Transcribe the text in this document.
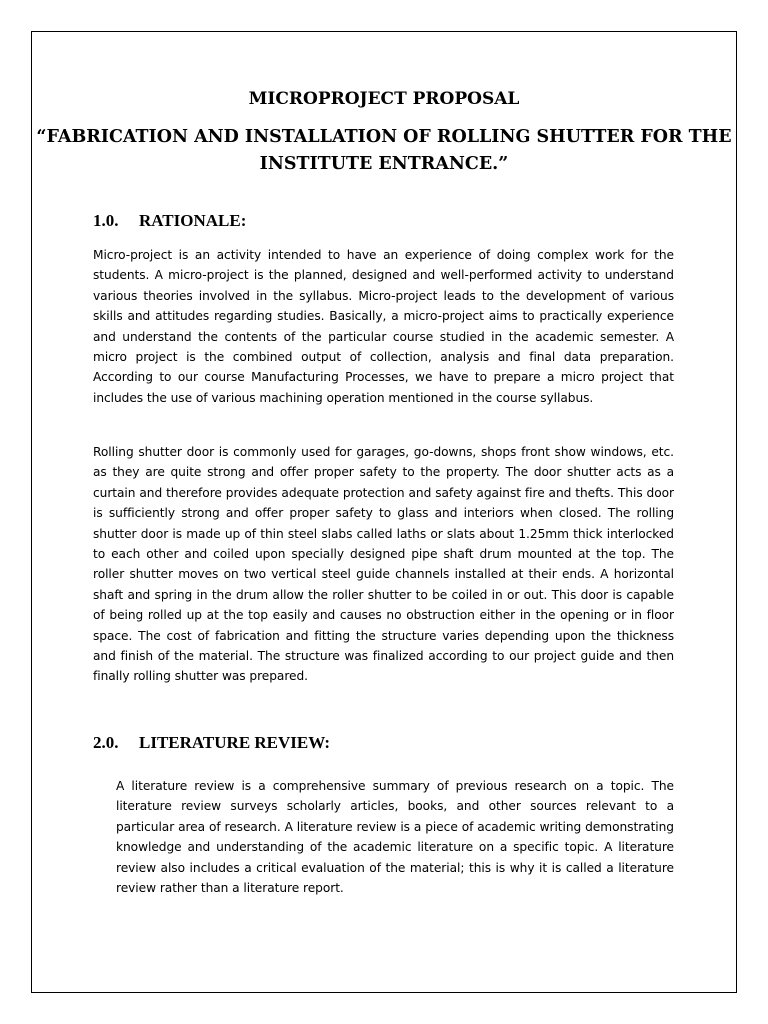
MICROPROJECT PROPOSAL
“FABRICATION AND INSTALLATION OF ROLLING SHUTTER FOR THE INSTITUTE ENTRANCE.”
1.0. RATIONALE:

Micro-project is an activity intended to have an experience of doing complex work for the students. A micro-project is the planned, designed and well-performed activity to understand various theories involved in the syllabus. Micro-project leads to the development of various skills and attitudes regarding studies. Basically, a micro-project aims to practically experience and understand the contents of the particular course studied in the academic semester. A micro project is the combined output of collection, analysis and final data preparation. According to our course Manufacturing Processes, we have to prepare a micro project that includes the use of various machining operation mentioned in the course syllabus.

Rolling shutter door is commonly used for garages, go-downs, shops front show windows, etc. as they are quite strong and offer proper safety to the property. The door shutter acts as a curtain and therefore provides adequate protection and safety against fire and thefts. This door is sufficiently strong and offer proper safety to glass and interiors when closed. The rolling shutter door is made up of thin steel slabs called laths or slats about 1.25mm thick interlocked to each other and coiled upon specially designed pipe shaft drum mounted at the top. The roller shutter moves on two vertical steel guide channels installed at their ends. A horizontal shaft and spring in the drum allow the roller shutter to be coiled in or out. This door is capable of being rolled up at the top easily and causes no obstruction either in the opening or in floor space. The cost of fabrication and fitting the structure varies depending upon the thickness and finish of the material. The structure was finalized according to our project guide and then finally rolling shutter was prepared.

2.0. LITERATURE REVIEW:

A literature review is a comprehensive summary of previous research on a topic. The literature review surveys scholarly articles, books, and other sources relevant to a particular area of research. A literature review is a piece of academic writing demonstrating knowledge and understanding of the academic literature on a specific topic. A literature review also includes a critical evaluation of the material; this is why it is called a literature review rather than a literature report.
